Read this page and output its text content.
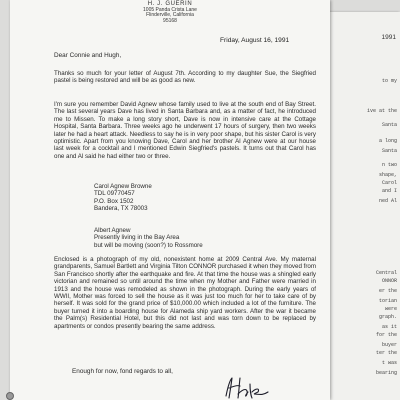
1991
to my
ive at the
Santa
a long
Santa
n two
shape,
Carol
and I
ned Al
Central
ONNOR
er the
torian
were
graph.
as it
for the
buyer
ter the
t was
bearing
H. J. GUERIN
1005 Panda Crista Lane
Flinderville, California
95168
Friday, August 16, 1991
Dear Connie and Hugh,

Thanks so much for your letter of August 7th. According to my daughter Sue, the Siegfried pastel is being restored and will be as good as new.

I'm sure you remember David Agnew whose family used to live at the south end of Bay Street. The last several years Dave has lived in Santa Barbara and, as a matter of fact, he introduced me to Missen. To make a long story short, Dave is now in intensive care at the Cottage Hospital, Santa Barbara. Three weeks ago he underwent 17 hours of surgery, then two weeks later he had a heart attack. Needless to say he is in very poor shape, but his sister Carol is very optimistic. Apart from you knowing Dave, Carol and her brother Al Agnew were at our house last week for a cocktail and I mentioned Edwin Siegfried's pastels. It turns out that Carol has one and Al said he had either two or three.

Carol Agnew Browne
TDL 09770457
P.O. Box 1502
Bandera, TX 78003
Albert Agnew
Presently living in the Bay Area
but will be moving (soon?) to Rossmore

Enclosed is a photograph of my old, nonexistent home at 2009 Central Ave. My maternal grandparents, Samuel Bartlett and Virginia Tilton CONNOR purchased it when they moved from San Francisco shortly after the earthquake and fire. At that time the house was a shingled early victorian and remained so until around the time when my Mother and Father were married in 1913 and the house was remodeled as shown in the photograph. During the early years of WWII, Mother was forced to sell the house as it was just too much for her to take care of by herself. It was sold for the grand price of $10,000.00 which included a lot of the furniture. The buyer turned it into a boarding house for Alameda ship yard workers. After the war it became the Palm(s) Residential Hotel, but this did not last and was torn down to be replaced by apartments or condos presently bearing the same address.

Enough for now, fond regards to all,
